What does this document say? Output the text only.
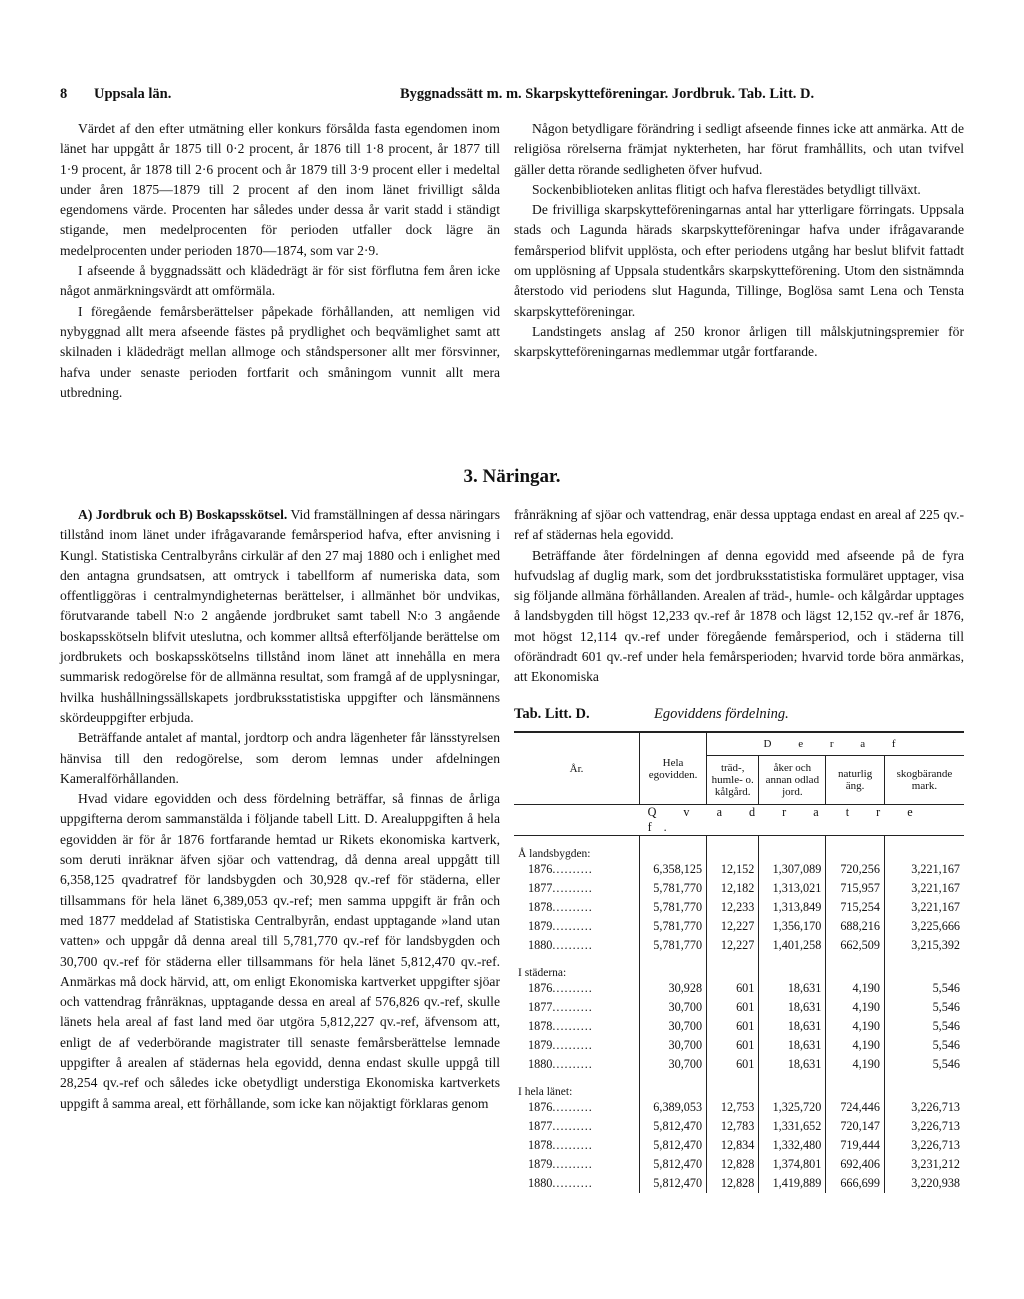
8 Uppsala län.	Byggnadssätt m. m. Skarpskytteföreningar. Jordbruk. Tab. Litt. D.

Värdet af den efter utmätning eller konkurs försålda fasta egendomen inom länet har uppgått år 1875 till 0·2 procent, år 1876 till 1·8 procent, år 1877 till 1·9 procent, år 1878 till 2·6 procent och år 1879 till 3·9 procent eller i medeltal under åren 1875—1879 till 2 procent af den inom länet frivilligt sålda egendomens värde. Procenten har således under dessa år varit stadd i ständigt stigande, men medelprocenten för perioden utfaller dock lägre än medelprocenten under perioden 1870—1874, som var 2·9.

I afseende å byggnadssätt och klädedrägt är för sist förflutna fem åren icke något anmärkningsvärdt att omförmäla.

I föregående femårsberättelser påpekade förhållanden, att nemligen vid nybyggnad allt mera afseende fästes på prydlighet och beqvämlighet samt att skilnaden i klädedrägt mellan allmoge och ståndspersoner allt mer försvinner, hafva under senaste perioden fortfarit och småningom vunnit allt mera utbredning.

Någon betydligare förändring i sedligt afseende finnes icke att anmärka. Att de religiösa rörelserna främjat nykterheten, har förut framhållits, och utan tvifvel gäller detta rörande sedligheten öfver hufvud.

Sockenbiblioteken anlitas flitigt och hafva flerestädes betydligt tillväxt.

De frivilliga skarpskytteföreningarnas antal har ytterligare förringats. Uppsala stads och Lagunda härads skarpskytteföreningar hafva under ifrågavarande femårsperiod blifvit upplösta, och efter periodens utgång har beslut blifvit fattadt om upplösning af Uppsala studentkårs skarpskytteförening. Utom den sistnämnda återstodo vid periodens slut Hagunda, Tillinge, Boglösa samt Lena och Tensta skarpskytteföreningar.

Landstingets anslag af 250 kronor årligen till målskjutningspremier för skarpskytteföreningarnas medlemmar utgår fortfarande.

3. Näringar.

A) Jordbruk och B) Boskapsskötsel. Vid framställningen af dessa näringars tillstånd inom länet under ifrågavarande femårsperiod hafva, efter anvisning i Kungl. Statistiska Centralbyråns cirkulär af den 27 maj 1880 och i enlighet med den antagna grundsatsen, att omtryck i tabellform af numeriska data, som offentliggöras i centralmyndigheternas berättelser, i allmänhet bör undvikas, förutvarande tabell N:o 2 angående jordbruket samt tabell N:o 3 angående boskapsskötseln blifvit uteslutna, och kommer alltså efterföljande berättelse om jordbrukets och boskapsskötselns tillstånd inom länet att innehålla en mera summarisk redogörelse för de allmänna resultat, som framgå af de upplysningar, hvilka hushållningssällskapets jordbruksstatistiska uppgifter och länsmännens skördeuppgifter erbjuda.

Beträffande antalet af mantal, jordtorp och andra lägenheter får länsstyrelsen hänvisa till den redogörelse, som derom lemnas under afdelningen Kameralförhållanden.

Hvad vidare egovidden och dess fördelning beträffar, så finnas de årliga uppgifterna derom sammanstälda i följande tabell Litt. D. Arealuppgiften å hela egovidden är för år 1876 fortfarande hemtad ur Rikets ekonomiska kartverk, som deruti inräknar äfven sjöar och vattendrag, då denna areal uppgått till 6,358,125 qvadratref för landsbygden och 30,928 qv.-ref för städerna, eller tillsammans för hela länet 6,389,053 qv.-ref; men samma uppgift är från och med 1877 meddelad af Statistiska Centralbyrån, endast upptagande »land utan vatten» och uppgår då denna areal till 5,781,770 qv.-ref för landsbygden och 30,700 qv.-ref för städerna eller tillsammans för hela länet 5,812,470 qv.-ref. Anmärkas må dock härvid, att, om enligt Ekonomiska kartverket uppgifter sjöar och vattendrag frånräknas, upptagande dessa en areal af 576,826 qv.-ref, skulle länets hela areal af fast land med öar utgöra 5,812,227 qv.-ref, äfvensom att, enligt de af vederbörande magistrater till senaste femårsberättelse lemnade uppgifter å arealen af städernas hela egovidd, denna endast skulle uppgå till 28,254 qv.-ref och således icke obetydligt understiga Ekonomiska kartverkets uppgift å samma areal, ett förhållande, som icke kan nöjaktigt förklaras genom

frånräkning af sjöar och vattendrag, enär dessa upptaga endast en areal af 225 qv.-ref af städernas hela egovidd.

Beträffande åter fördelningen af denna egovidd med afseende på de fyra hufvudslag af duglig mark, som det jordbruksstatistiska formuläret upptager, visa sig följande allmäna förhållanden. Arealen af träd-, humle- och kålgårdar upptages å landsbygden till högst 12,233 qv.-ref år 1878 och lägst 12,152 qv.-ref år 1876, mot högst 12,114 qv.-ref under föregående femårsperiod, och i städerna till oförändradt 601 qv.-ref under hela femårsperioden; hvarvid torde böra anmärkas, att Ekonomiska

Tab. Litt. D.	Egoviddens fördelning.
År.	Hela egovidden.	D e r a f			
		träd-, humle- o. kålgård.	åker och annan odlad jord.	naturlig äng.	skogbärande mark.
	Q v a d r a t r e f.				
Å landsbygden:					
1876..........	6,358,125	12,152	1,307,089	720,256	3,221,167
1877..........	5,781,770	12,182	1,313,021	715,957	3,221,167
1878..........	5,781,770	12,233	1,313,849	715,254	3,221,167
1879..........	5,781,770	12,227	1,356,170	688,216	3,225,666
1880..........	5,781,770	12,227	1,401,258	662,509	3,215,392
I städerna:					
1876..........	30,928	601	18,631	4,190	5,546
1877..........	30,700	601	18,631	4,190	5,546
1878..........	30,700	601	18,631	4,190	5,546
1879..........	30,700	601	18,631	4,190	5,546
1880..........	30,700	601	18,631	4,190	5,546
I hela länet:					
1876..........	6,389,053	12,753	1,325,720	724,446	3,226,713
1877..........	5,812,470	12,783	1,331,652	720,147	3,226,713
1878..........	5,812,470	12,834	1,332,480	719,444	3,226,713
1879..........	5,812,470	12,828	1,374,801	692,406	3,231,212
1880..........	5,812,470	12,828	1,419,889	666,699	3,220,938
